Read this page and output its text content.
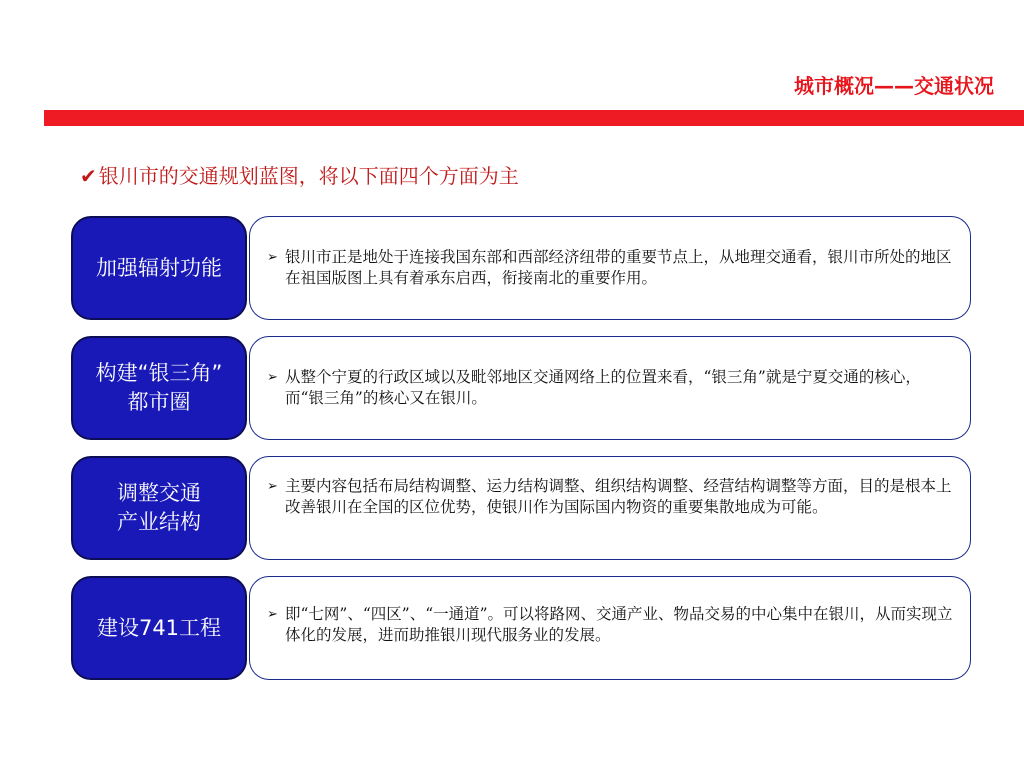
城市概况——交通状况
✔ 银川市的交通规划蓝图，将以下面四个方面为主
加强辐射功能	➢ 银川市正是地处于连接我国东部和西部经济纽带的重要节点上，从地理交通看，银川市所处的地区在祖国版图上具有着承东启西，衔接南北的重要作用。
构建“银三角”
都市圈
➢ 从整个宁夏的行政区域以及毗邻地区交通网络上的位置来看，“银三角”就是宁夏交通的核心，而“银三角”的核心又在银川。
调整交通
产业结构
➢ 主要内容包括布局结构调整、运力结构调整、组织结构调整、经营结构调整等方面，目的是根本上改善银川在全国的区位优势，使银川作为国际国内物资的重要集散地成为可能。
建设741工程
➢ 即“七网”、“四区”、“一通道”。可以将路网、交通产业、物品交易的中心集中在银川，从而实现立体化的发展，进而助推银川现代服务业的发展。
